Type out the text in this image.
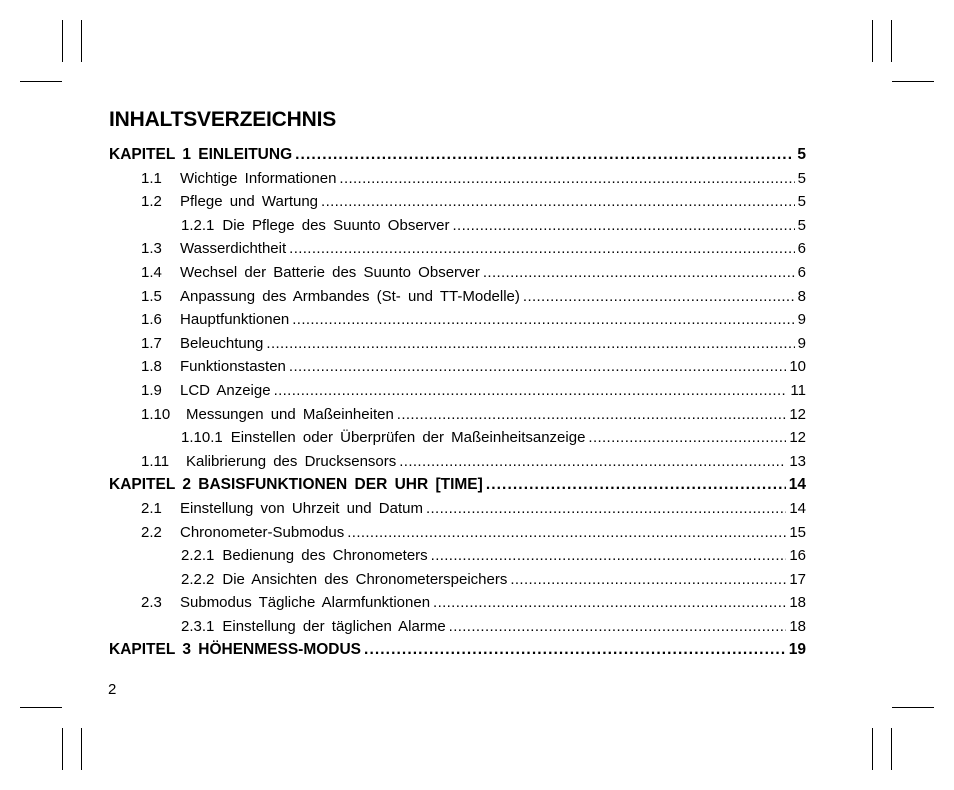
INHALTSVERZEICHNIS
KAPITEL 1 EINLEITUNG . . .	5
1.1	Wichtige Informationen . . .	5
1.2	Pflege und Wartung . . .	5
1.2.1 Die Pflege des Suunto Observer . . .	5
1.3	Wasserdichtheit . . .	6
1.4	Wechsel der Batterie des Suunto Observer . . .	6
1.5	Anpassung des Armbandes (St- und TT-Modelle) . . .	8
1.6	Hauptfunktionen . . .	9
1.7	Beleuchtung . . .	9
1.8	Funktionstasten . . .	10
1.9	LCD Anzeige . . .	11
1.10	Messungen und Maßeinheiten . . .	12
1.10.1 Einstellen oder Überprüfen der Maßeinheitsanzeige . . .	12
1.11	Kalibrierung des Drucksensors . . .	13
KAPITEL 2 BASISFUNKTIONEN DER UHR [TIME] . . .	14
2.1	Einstellung von Uhrzeit und Datum . . .	14
2.2	Chronometer-Submodus . . .	15
2.2.1 Bedienung des Chronometers . . .	16
2.2.2 Die Ansichten des Chronometerspeichers . . .	17
2.3	Submodus Tägliche Alarmfunktionen . . .	18
2.3.1 Einstellung der täglichen Alarme . . .	18
KAPITEL 3 HÖHENMESS-MODUS . . .	19
2
